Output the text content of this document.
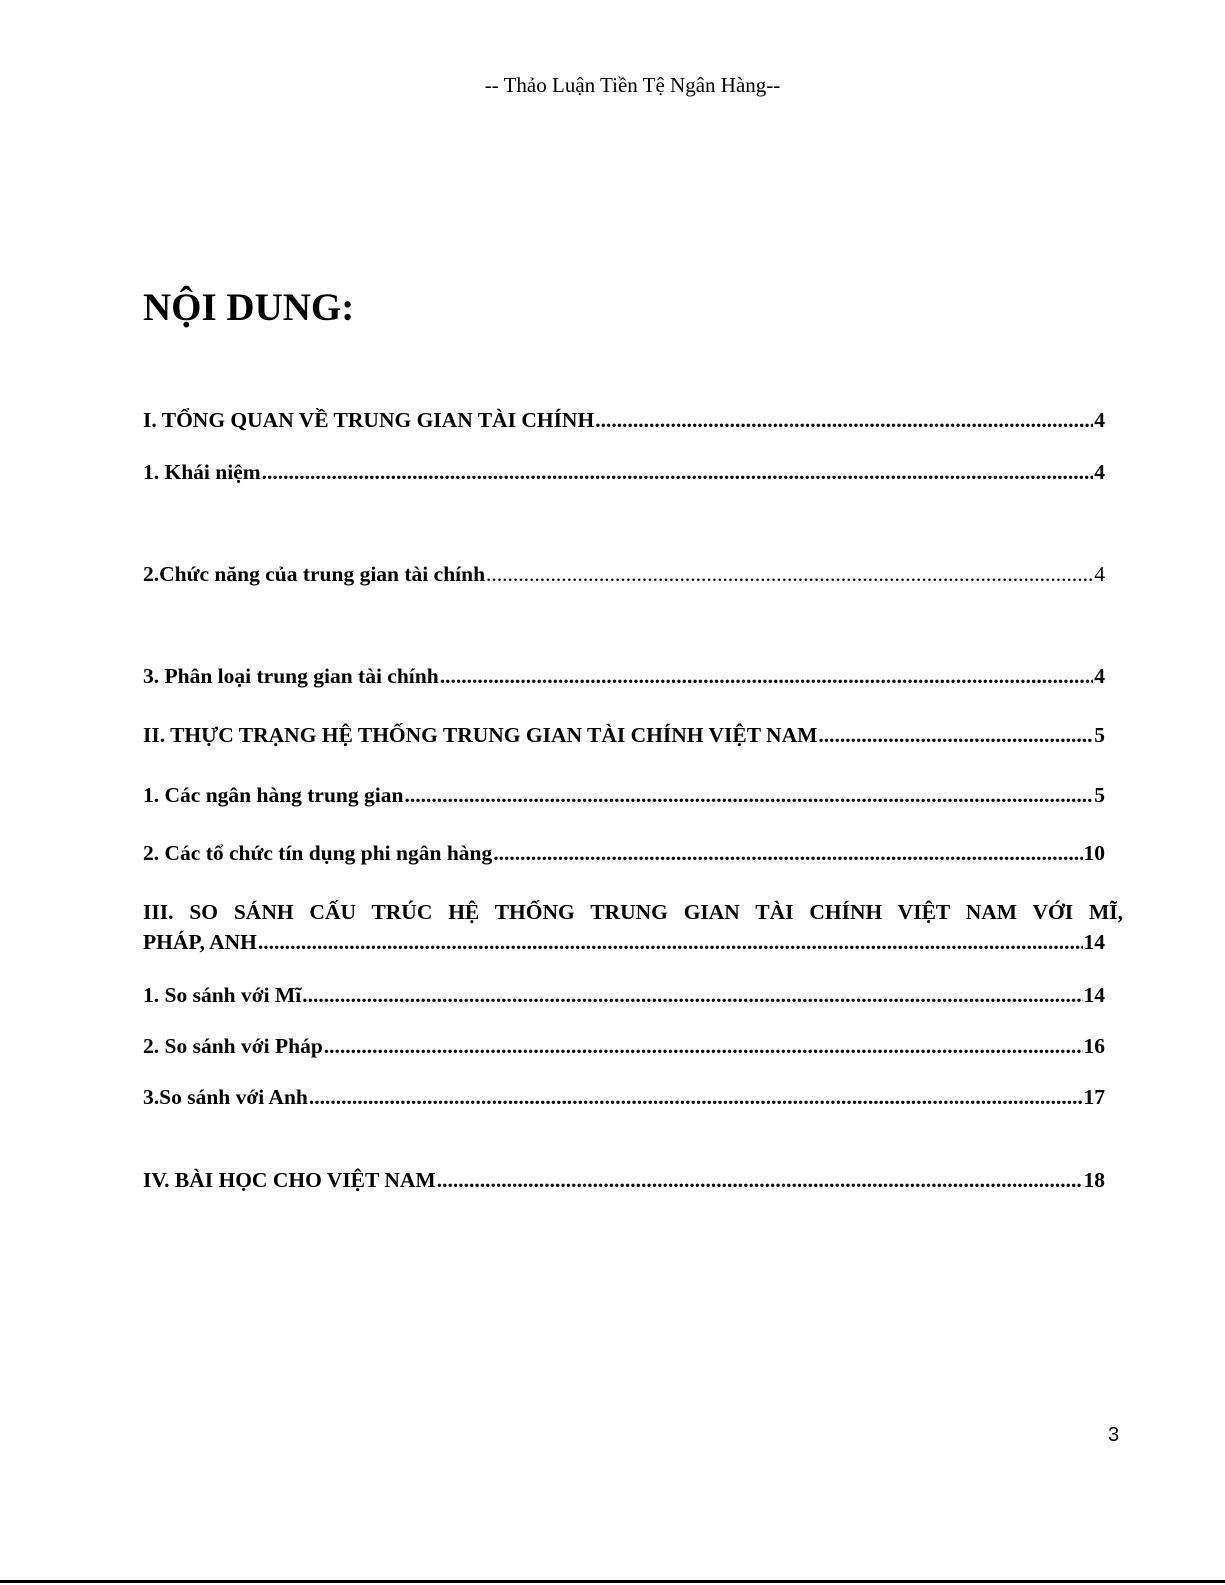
-- Thảo Luận Tiền Tệ Ngân Hàng--
NỘI DUNG:
I. TỔNG QUAN VỀ TRUNG GIAN TÀI CHÍNH .....	4
1. Khái niệm .....	4
2.Chức năng của trung gian tài chính .....	4
3. Phân loại trung gian tài chính .....	4
II. THỰC TRẠNG HỆ THỐNG TRUNG GIAN TÀI CHÍNH VIỆT NAM .....	5
1. Các ngân hàng trung gian .....	5
2. Các tổ chức tín dụng phi ngân hàng .....	10
III. SO SÁNH CẤU TRÚC HỆ THỐNG TRUNG GIAN TÀI CHÍNH VIỆT NAM VỚI MĨ,
PHÁP, ANH .....	14
1. So sánh với Mĩ .....	14
2. So sánh với Pháp .....	16
3.So sánh với Anh .....	17
IV. BÀI HỌC CHO VIỆT NAM .....	18
3
